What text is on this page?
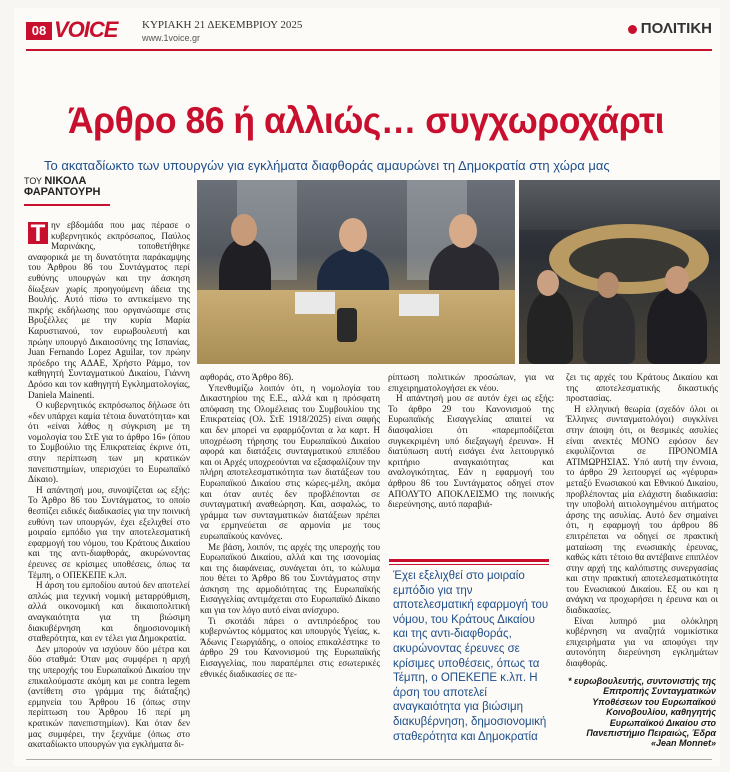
08 VOICE ΚΥΡΙΑΚΗ 21 ΔΕΚΕΜΒΡΙΟΥ 2025
www.1voice.gr
ΠΟΛΙΤΙΚΗ
Άρθρο 86 ή αλλιώς… συγχωροχάρτι
Το ακαταδίωκτο των υπουργών για εγκλήματα διαφθοράς αμαυρώνει τη Δημοκρατία στη χώρα μας
ΤΟΥ ΝΙΚΟΛΑ
ΦΑΡΑΝΤΟΥΡΗ
Τ ην εβδομάδα που μας πέρασε ο κυβερνητικός εκπρόσωπος, Παύλος Μαρινάκης, τοποθετήθηκε αναφορικά με τη δυνατότητα παράκαμψης του Άρθρου 86 του Συντάγματος περί ευθύνης υπουργών και την άσκηση δίωξεων χωρίς προηγούμενη άδεια της Βουλής. Αυτό πίσω το αντικείμενο της πικρής εκδήλωσης που οργανώσαμε στις Βρυξέλλες με την κυρία Μαρία Καρυστιανού, τον ευρωβουλευτή και πρώην υπουργό Δικαιοσύνης της Ισπανίας, Juan Fernando Lopez Aguilar, τον πρώην πρόεδρο της ΑΔΑΕ, Χρήστο Ράμμο, τον καθηγητή Συνταγματικού Δικαίου, Γιάννη Δρόσο και τον καθηγητή Εγκληματολογίας, Daniela Mainenti.

Ο κυβερνητικός εκπρόσωπος δήλωσε ότι «δεν υπάρχει καμία τέτοια δυνατότητα» και ότι «είναι λάθος η σύγκριση με τη νομολογία του ΣτΕ για το άρθρο 16» (όπου το Συμβούλιο της Επικρατείας έκρινε ότι, στην περίπτωση των μη κρατικών πανεπιστημίων, υπερισχύει το Ευρωπαϊκό Δίκαιο).

Η απάντησή μου, συνοψίζεται ως εξής: Το Άρθρο 86 του Συντάγματος, το οποίο θεσπίζει ειδικές διαδικασίες για την ποινική ευθύνη των υπουργών, έχει εξελιχθεί στο μοιραίο εμπόδιο για την αποτελεσματική εφαρμογή του νόμου, του Κράτους Δικαίου και της αντι-διαφθοράς, ακυρώνοντας έρευνες σε κρίσιμες υποθέσεις, όπως τα Τέμπη, ο ΟΠΕΚΕΠΕ κ.λπ.

Η άρση του εμποδίου αυτού δεν αποτελεί απλώς μια τεχνική νομική μεταρρύθμιση, αλλά οικονομική και δικαιοπολιτική αναγκαιότητα για τη βιώσιμη διακυβέρνηση και δημοσιονομική σταθερότητα, και εν τέλει για Δημοκρατία.

Δεν μπορούν να ισχύουν δύο μέτρα και δύο σταθμά: Όταν μας συμφέρει η αρχή της υπεροχής του Ευρωπαϊκού Δικαίου την επικαλούμαστε ακόμη και με contra legem (αντίθετη στο γράμμα της διάταξης) ερμηνεία του Άρθρου 16 (όπως στην περίπτωση του Άρθρου 16 περί μη κρατικών πανεπιστημίων). Και όταν δεν μας συμφέρει, την ξεχνάμε (όπως στο ακαταδίωκτο υπουργών για εγκλήματα δι-

αφθοράς, στο Άρθρο 86).

Υπενθυμίζω λοιπόν ότι, η νομολογία του Δικαστηρίου της Ε.Ε., αλλά και η πρόσφατη απόφαση της Ολομέλειας του Συμβουλίου της Επικρατείας (Ολ. ΣτΕ 1918/2025) είναι σαφής και δεν μπορεί να εφαρμόζονται α λα καρτ. Η υποχρέωση τήρησης του Ευρωπαϊκού Δικαίου αφορά και διατάξεις συνταγματικού επιπέδου και οι Αρχές υποχρεούνται να εξασφαλίζουν την πλήρη αποτελεσματικότητα των διατάξεων του Ευρωπαϊκού Δικαίου στις κώρες-μέλη, ακόμα και όταν αυτές δεν προβλέπονται σε συνταγματική αναθεώρηση. Και, ασφαλώς, το γράμμα των συνταγματικών διατάξεων πρέπει να ερμηνεύεται σε αρμονία με τους ευρωπαϊκούς κανόνες.

Με βάση, λοιπόν, τις αρχές της υπεροχής του Ευρωπαϊκού Δικαίου, αλλά και της ισονομίας και της διαφάνειας, συνάγεται ότι, το κώλυμα που θέτει το Άρθρο 86 του Συντάγματος στην άσκηση της αρμοδιότητας της Ευρωπαϊκής Εισαγγελίας αντιμάχεται στο Ευρωπαϊκό Δίκαιο και για τον λόγο αυτό είναι ανίσχυρο.

Τι σκοτάδι πάρει ο αντιπρόεδρος του κυβερνώντος κόμματος και υπουργός Υγείας, κ. Άδωνις Γεωργιάδης, ο οποίος επικαλέστηκε το άρθρο 29 του Κανονισμού της Ευρωπαϊκής Εισαγγελίας, που παραπέμπει στις εσωτερικές εθνικές διαδικασίες σε πε-

ρίπτωση πολιτικών προσώπων, για να επιχειρηματολογήσει εκ νέου.

Η απάντησή μου σε αυτόν έχει ως εξής: Το άρθρο 29 του Κανονισμού της Ευρωπαϊκής Εισαγγελίας απαιτεί να διασφαλίσει ότι «παρεμποδίζεται συγκεκριμένη υπό διεξαγωγή έρευνα». Η διατύπωση αυτή εισάγει ένα λειτουργικό κριτήριο αναγκαιότητας και αναλογικότητας. Εάν η εφαρμογή του άρθρου 86 του Συντάγματος οδηγεί στον ΑΠΟΛΥΤΟ ΑΠΟΚΛΕΙΣΜΟ της ποινικής διερεύνησης, αυτό παραβιά-

Έχει εξελιχθεί στο μοιραίο εμπόδιο για την αποτελεσματική εφαρμογή του νόμου, του Κράτους Δικαίου και της αντι-διαφθοράς, ακυρώνοντας έρευνες σε κρίσιμες υποθέσεις, όπως τα Τέμπη, ο ΟΠΕΚΕΠΕ κ.λπ. Η άρση του αποτελεί αναγκαιότητα για βιώσιμη διακυβέρνηση, δημοσιονομική σταθερότητα και Δημοκρατία

ζει τις αρχές του Κράτους Δικαίου και της αποτελεσματικής δικαστικής προστασίας.

Η ελληνική θεωρία (σχεδόν όλοι οι Έλληνες συνταγματολόγοι) συγκλίνει στην άποψη ότι, οι θεσμικές ασυλίες είναι ανεκτές ΜΟΝΟ εφόσον δεν εκφυλίζονται σε ΠΡΟΝΟΜΙΑ ΑΤΙΜΩΡΗΣΙΑΣ. Υπό αυτή την έννοια, το άρθρο 29 λειτουργεί ως «γέφυρα» μεταξύ Ενωσιακού και Εθνικού Δικαίου, προβλέποντας μία ελάχιστη διαδικασία: την υποβολή αιτιολογημένου αιτήματος άρσης της ασυλίας. Αυτό δεν σημαίνει ότι, η εφαρμογή του άρθρου 86 επιτρέπεται να οδηγεί σε πρακτική ματαίωση της ενωσιακής έρευνας, καθώς κάτι τέτοιο θα αντέβαινε επιπλέον στην αρχή της καλόπιστης συνεργασίας και στην πρακτική αποτελεσματικότητα του Ενωσιακού Δικαίου. Εξ ου και η ανάγκη να προχωρήσει η έρευνα και οι διαδικασίες.

Είναι λυπηρό μια ολόκληρη κυβέρνηση να αναζητά νομικίστικα επιχειρήματα για να αποφύγει την αυτονόητη διερεύνηση εγκλημάτων διαφθοράς.

* ευρωβουλευτής, συντονιστής της Επιτροπής Συνταγματικών Υποθέσεων του Ευρωπαϊκού Κοινοβουλίου, καθηγητής Ευρωπαϊκού Δικαίου στο Πανεπιστήμιο Πειραιώς, Έδρα «Jean Monnet»
